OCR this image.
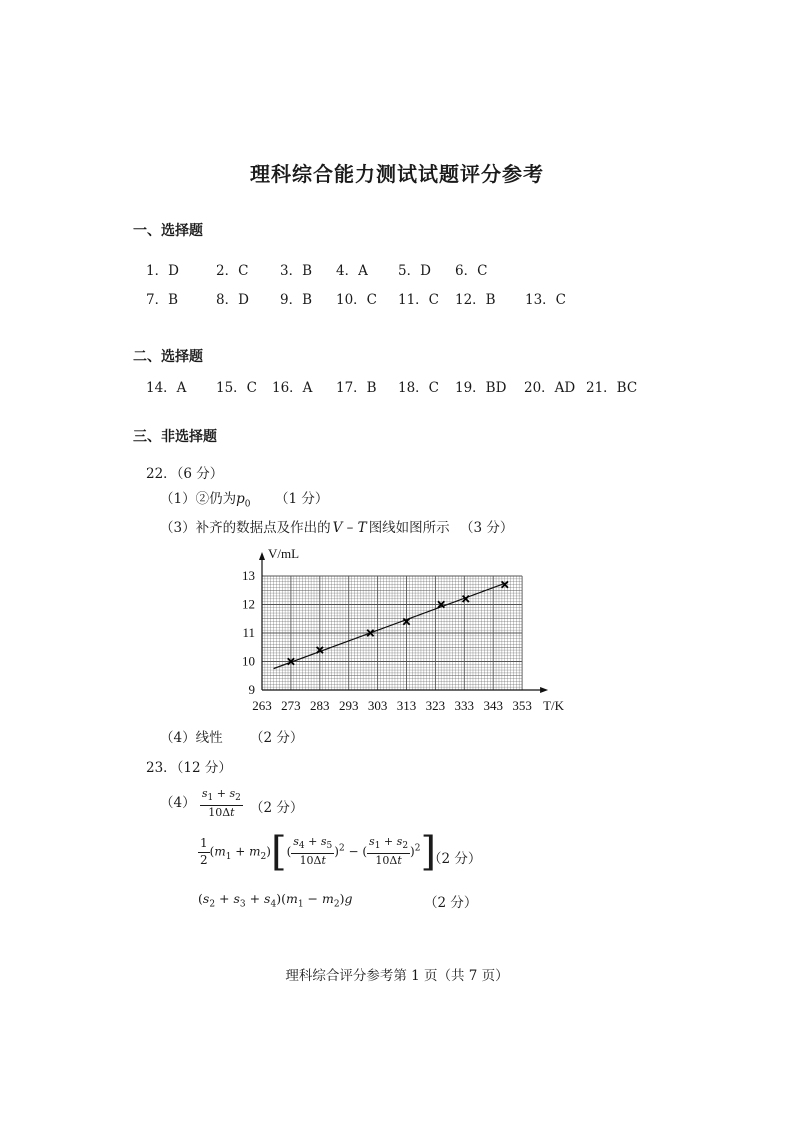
理科综合能力测试试题评分参考
一、选择题
1．D	2．C 3．B 4．A 5．D 6．C
7．B	8．D 9．B 10．C 11．C 12．B 13．C
二、选择题
14．A 15．C 16．A 17．B 18．C 19．BD 20．AD 21．BC
三、非选择题
22．（6 分）
（1）②仍为$p_0$ （1 分）
（3）补齐的数据点及作出的 V – T 图线如图所示 （3 分）
V/mL
T/K
263 273 283 293 303 313 323 333 343 353
9
10
11
12
13
（4）线性 （2 分）
23．（12 分）
$(4) \frac{s_1 + s_2}{10\Delta t} (2$ 分）
$\frac{1}{2} (m_1 + m_2)[( \frac{s_4 + s_5}{10\Delta t} )^2$ − ( $\frac{s_1 + s_2}{10\Delta t} )^2$]
（2 分）
$(s_2 + s_3 + s_4)(m_1 - m_2)g$	（2 分）
理科综合评分参考第 1 页（共 7 页）
